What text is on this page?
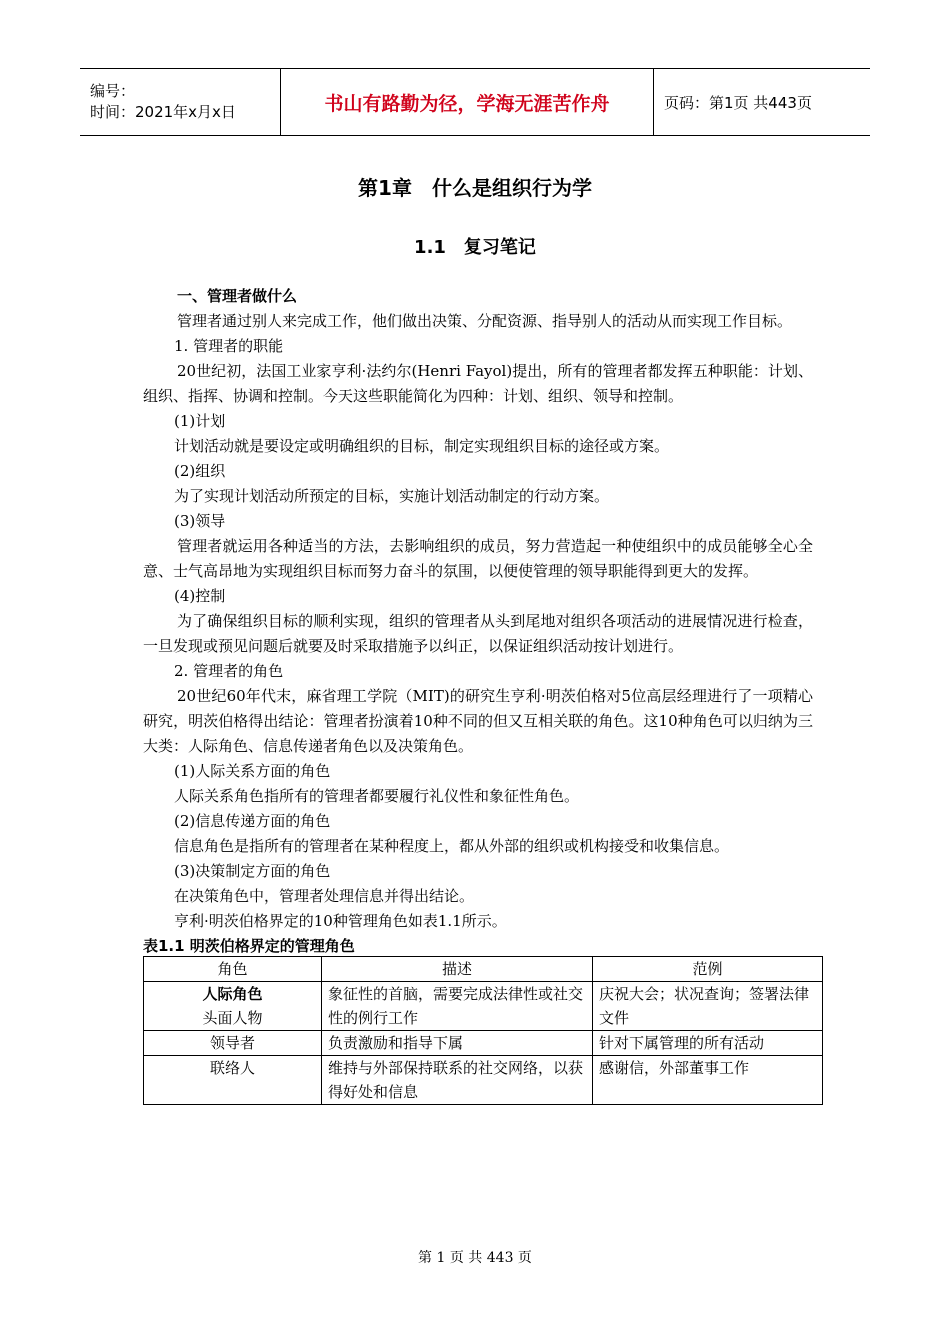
编号：
时间：2021年x月x日	书山有路勤为径，学海无涯苦作舟	页码：第1页 共443页
第1章　什么是组织行为学
1.1　复习笔记

一、管理者做什么

管理者通过别人来完成工作，他们做出决策、分配资源、指导别人的活动从而实现工作目标。

1. 管理者的职能

20世纪初，法国工业家亨利·法约尔(Henri Fayol)提出，所有的管理者都发挥五种职能：计划、组织、指挥、协调和控制。今天这些职能简化为四种：计划、组织、领导和控制。

(1)计划

计划活动就是要设定或明确组织的目标，制定实现组织目标的途径或方案。

(2)组织

为了实现计划活动所预定的目标，实施计划活动制定的行动方案。

(3)领导

管理者就运用各种适当的方法，去影响组织的成员，努力营造起一种使组织中的成员能够全心全意、士气高昂地为实现组织目标而努力奋斗的氛围，以便使管理的领导职能得到更大的发挥。

(4)控制

为了确保组织目标的顺利实现，组织的管理者从头到尾地对组织各项活动的进展情况进行检查，一旦发现或预见问题后就要及时采取措施予以纠正，以保证组织活动按计划进行。

2. 管理者的角色

20世纪60年代末，麻省理工学院（MIT)的研究生亨利·明茨伯格对5位高层经理进行了一项精心研究，明茨伯格得出结论：管理者扮演着10种不同的但又互相关联的角色。这10种角色可以归纳为三大类：人际角色、信息传递者角色以及决策角色。

(1)人际关系方面的角色

人际关系角色指所有的管理者都要履行礼仪性和象征性角色。

(2)信息传递方面的角色

信息角色是指所有的管理者在某种程度上，都从外部的组织或机构接受和收集信息。

(3)决策制定方面的角色

在决策角色中，管理者处理信息并得出结论。

亨利·明茨伯格界定的10种管理角色如表1.1所示。

表1.1 明茨伯格界定的管理角色

角色	描述	范例

人际角色
头面人物	象征性的首脑，需要完成法律性或社交性的例行工作	庆祝大会；状况查询；签署法律文件
领导者	负责激励和指导下属	针对下属管理的所有活动
联络人	维持与外部保持联系的社交网络，以获得好处和信息	感谢信，外部董事工作
第 1 页 共 443 页
